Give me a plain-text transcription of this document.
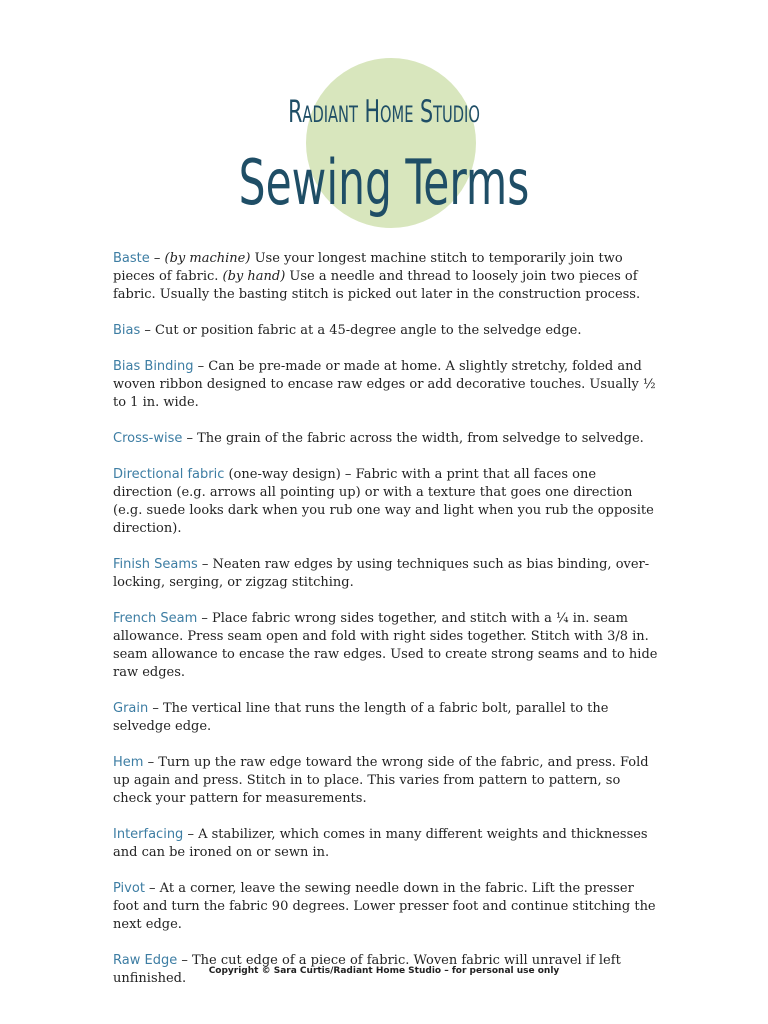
Radiant Home Studio
Sewing Terms

Baste – (by machine) Use your longest machine stitch to temporarily join two pieces of fabric. (by hand) Use a needle and thread to loosely join two pieces of fabric. Usually the basting stitch is picked out later in the construction process.

Bias – Cut or position fabric at a 45-degree angle to the selvedge edge.

Bias Binding – Can be pre-made or made at home. A slightly stretchy, folded and woven ribbon designed to encase raw edges or add decorative touches. Usually ½ to 1 in. wide.

Cross-wise – The grain of the fabric across the width, from selvedge to selvedge.

Directional fabric (one-way design) – Fabric with a print that all faces one direction (e.g. arrows all pointing up) or with a texture that goes one direction (e.g. suede looks dark when you rub one way and light when you rub the opposite direction).

Finish Seams – Neaten raw edges by using techniques such as bias binding, over-locking, serging, or zigzag stitching.

French Seam – Place fabric wrong sides together, and stitch with a ¼ in. seam allowance. Press seam open and fold with right sides together. Stitch with 3/8 in. seam allowance to encase the raw edges. Used to create strong seams and to hide raw edges.

Grain – The vertical line that runs the length of a fabric bolt, parallel to the selvedge edge.

Hem – Turn up the raw edge toward the wrong side of the fabric, and press. Fold up again and press. Stitch in to place. This varies from pattern to pattern, so check your pattern for measurements.

Interfacing – A stabilizer, which comes in many different weights and thicknesses and can be ironed on or sewn in.

Pivot – At a corner, leave the sewing needle down in the fabric. Lift the presser foot and turn the fabric 90 degrees. Lower presser foot and continue stitching the next edge.

Raw Edge – The cut edge of a piece of fabric. Woven fabric will unravel if left unfinished.	Copyright © Sara Curtis/Radiant Home Studio – for personal use only
